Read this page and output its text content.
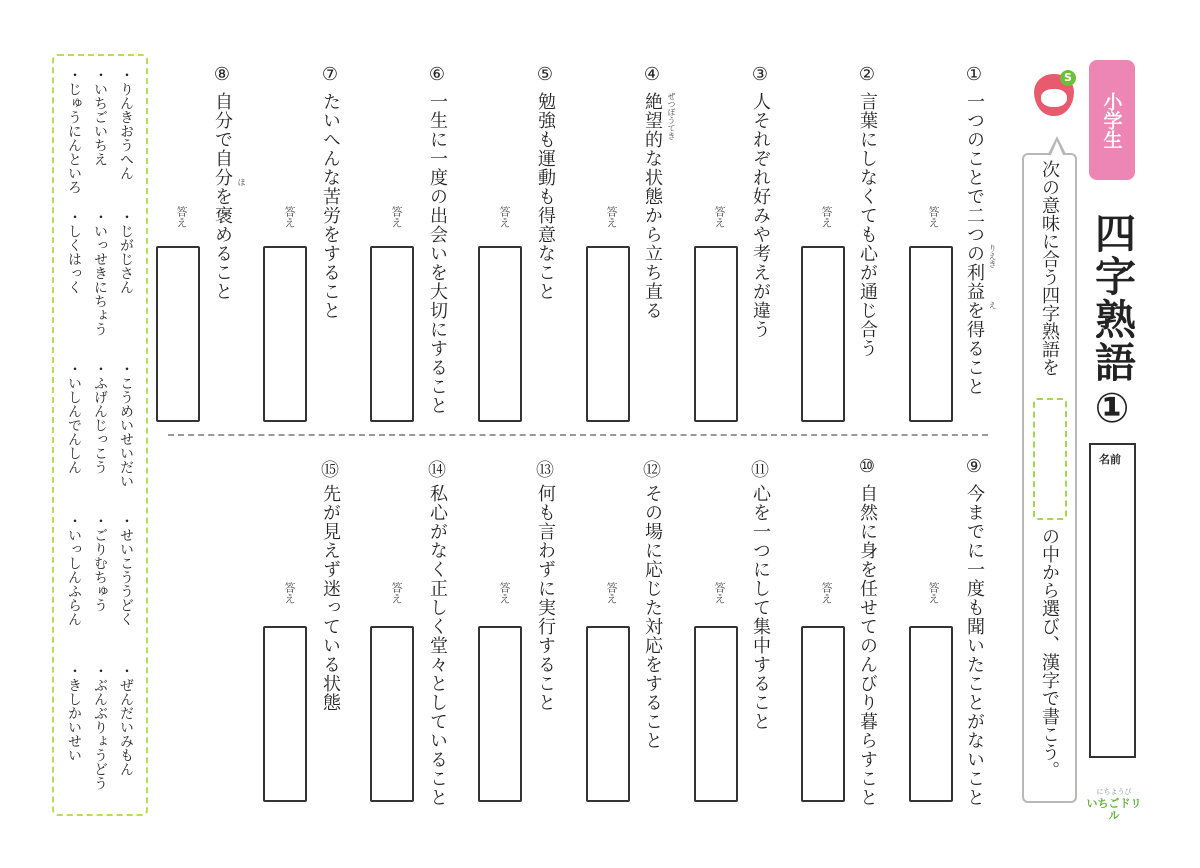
小学生
四字熟語①
名前
にちようび
いちごドリル
S
次の意味に合う四字熟語を
の中から選び、漢字で書こう。
①
一つのことで二つの利益を得ること りえき
え
答え
②
言葉にしなくても心が通じ合う
答え
③
人それぞれ好みや考えが違う
答え
④
絶望的な状態から立ち直る ぜつぼうてき
答え
⑤
勉強も運動も得意なこと
答え
⑥
一生に一度の出会いを大切にすること
答え
⑦
たいへんな苦労をすること
答え
⑧
自分で自分を褒めること ほ
答え
⑨
今までに一度も聞いたことがないこと
答え
⑩
自然に身を任せてのんびり暮らすこと
答え
⑪
心を一つにして集中すること
答え
⑫
その場に応じた対応をすること
答え
⑬
何も言わずに実行すること
答え
⑭
私心がなく正しく堂々としていること
答え
⑮
先が見えず迷っている状態
答え
・りんきおうへん
・じがじさん
・こうめいせいだい
・せいこううどく
・ぜんだいみもん
・いちごいちえ
・いっせきにちょう
・ふげんじっこう
・ごりむちゅう
・ぶんぶりょうどう
・じゅうにんといろ
・しくはっく
・いしんでんしん
・いっしんふらん
・きしかいせい
